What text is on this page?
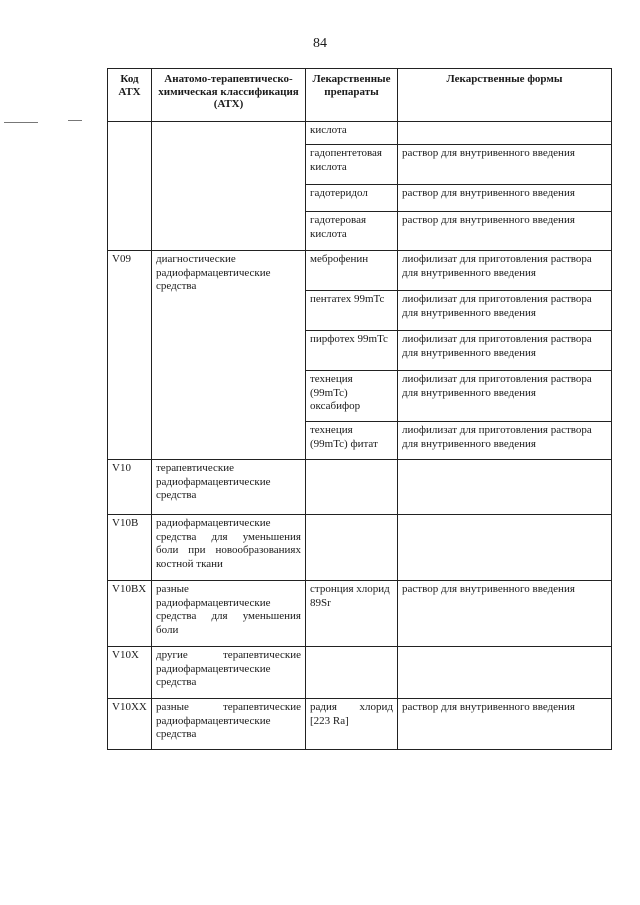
84
Код АТХ	Анатомо-терапевтическо-химическая классификация (АТХ)	Лекарственные препараты	Лекарственные формы
		кислота	
		гадопентетовая кислота	раствор для внутривенного введения
		гадотеридол	раствор для внутривенного введения
		гадотеровая кислота	раствор для внутривенного введения
V09	диагностические радиофармацевтические средства	меброфенин	лиофилизат для приготовления раствора для внутривенного введения
		пентатех 99mTc	лиофилизат для приготовления раствора для внутривенного введения
		пирфотех 99mTc	лиофилизат для приготовления раствора для внутривенного введения
		технеция (99mTc) оксабифор	лиофилизат для приготовления раствора для внутривенного введения
		технеция (99mTc) фитат	лиофилизат для приготовления раствора для внутривенного введения
V10	терапевтические радиофармацевтические средства		
V10B	радиофармацевтические средства для уменьшения боли при новообразованиях костной ткани		
V10BX	разные радиофармацевтические средства для уменьшения боли	стронция хлорид 89Sr	раствор для внутривенного введения
V10X	другие терапевтические радиофармацевтические средства		
V10XX	разные терапевтические радиофармацевтические средства	радия хлорид [223 Ra]	раствор для внутривенного введения
